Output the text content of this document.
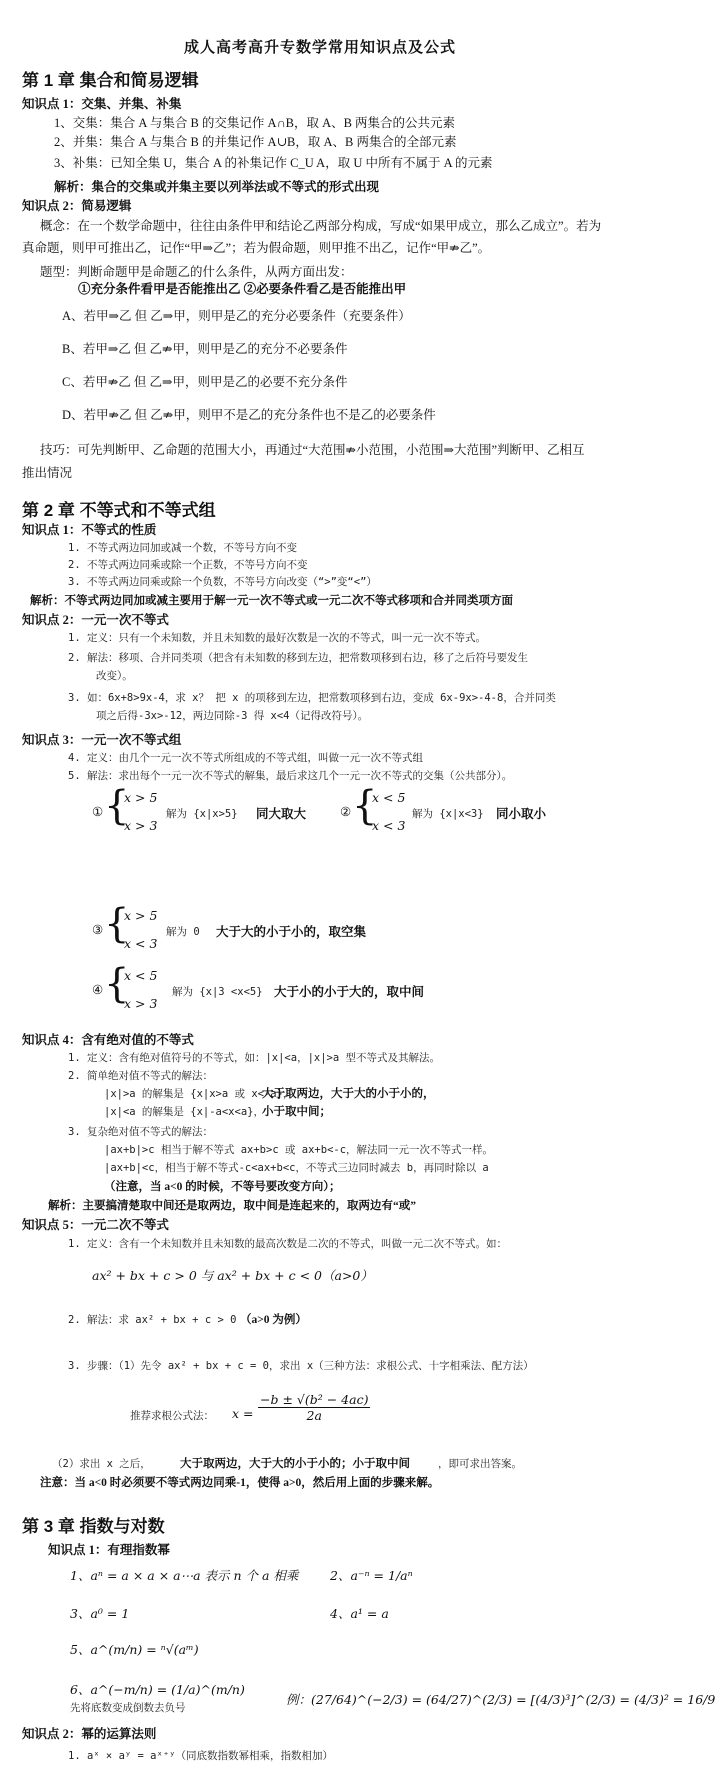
成人高考高升专数学常用知识点及公式
第 1 章 集合和简易逻辑
知识点 1：交集、并集、补集
1、交集：集合 A 与集合 B 的交集记作 A∩B，取 A、B 两集合的公共元素
2、并集：集合 A 与集合 B 的并集记作 A∪B，取 A、B 两集合的全部元素
3、补集：已知全集 U，集合 A 的补集记作 C_U A，取 U 中所有不属于 A 的元素
解析：集合的交集或并集主要以列举法或不等式的形式出现
知识点 2：简易逻辑
概念：在一个数学命题中，往往由条件甲和结论乙两部分构成，写成“如果甲成立，那么乙成立”。若为
真命题，则甲可推出乙，记作“甲⇒乙”；若为假命题，则甲推不出乙，记作“甲⇏乙”。
题型：判断命题甲是命题乙的什么条件，从两方面出发：
①充分条件看甲是否能推出乙 ②必要条件看乙是否能推出甲
A、若甲⇒乙 但 乙⇒甲，则甲是乙的充分必要条件（充要条件）
B、若甲⇒乙 但 乙⇏甲，则甲是乙的充分不必要条件
C、若甲⇏乙 但 乙⇒甲，则甲是乙的必要不充分条件
D、若甲⇏乙 但 乙⇏甲，则甲不是乙的充分条件也不是乙的必要条件
技巧：可先判断甲、乙命题的范围大小，再通过“大范围⇏小范围，小范围⇒大范围”判断甲、乙相互
推出情况
第 2 章 不等式和不等式组
知识点 1：不等式的性质
1. 不等式两边同加或减一个数，不等号方向不变
2. 不等式两边同乘或除一个正数，不等号方向不变
3. 不等式两边同乘或除一个负数，不等号方向改变（“>”变“<”）
解析：不等式两边同加或减主要用于解一元一次不等式或一元二次不等式移项和合并同类项方面
知识点 2：一元一次不等式
1. 定义：只有一个未知数，并且未知数的最好次数是一次的不等式，叫一元一次不等式。
2. 解法：移项、合并同类项（把含有未知数的移到左边，把常数项移到右边，移了之后符号要发生
改变）。
3. 如：6x+8>9x-4，求 x？ 把 x 的项移到左边，把常数项移到右边，变成 6x-9x>-4-8，合并同类
项之后得-3x>-12，两边同除-3 得 x<4（记得改符号）。
知识点 3：一元一次不等式组
4. 定义：由几个一元一次不等式所组成的不等式组，叫做一元一次不等式组
5. 解法：求出每个一元一次不等式的解集，最后求这几个一元一次不等式的交集（公共部分）。
① {
x > 5
x > 3
解为 {x|x>5} 同大取大	② {
x < 5
x < 3
解为 {x|x<3} 同小取小
③ {
x > 5
x < 3
解为 0 大于大的小于小的，取空集
④ {
x < 5
x > 3
解为 {x|3 <x<5} 大于小的小于大的，取中间
知识点 4：含有绝对值的不等式
1. 定义：含有绝对值符号的不等式，如：|x|<a，|x|>a 型不等式及其解法。
2. 简单绝对值不等式的解法：
|x|>a 的解集是 {x|x>a 或 x<-a}，
大于取两边，大于大的小于小的，
|x|<a 的解集是 {x|-a<x<a}，
小于取中间；
3. 复杂绝对值不等式的解法：
|ax+b|>c 相当于解不等式 ax+b>c 或 ax+b<-c，解法同一元一次不等式一样。
|ax+b|<c，相当于解不等式-c<ax+b<c，不等式三边同时减去 b，再同时除以 a
（注意，当 a<0 的时候，不等号要改变方向）；
解析：主要搞清楚取中间还是取两边，取中间是连起来的，取两边有“或”
知识点 5：一元二次不等式
1. 定义：含有一个未知数并且未知数的最高次数是二次的不等式，叫做一元二次不等式。如：
ax² + bx + c > 0 与 ax² + bx + c < 0（a>0）
2. 解法：求 ax² + bx + c > 0 （a>0 为例）
3. 步骤：（1）先令 ax² + bx + c = 0，求出 x（三种方法：求根公式、十字相乘法、配方法）
推荐求根公式法： $x = \frac{\text{−b ± √(b² − 4ac)}}{2a}$
（2）求出 x 之后，	大于取两边，大于大的小于小的；小于取中间	，即可求出答案。
注意：当 a<0 时必须要不等式两边同乘-1，使得 a>0，然后用上面的步骤来解。
第 3 章 指数与对数
知识点 1：有理指数幂
1、aⁿ = a × a × a⋯a 表示 n 个 a 相乘	2、a⁻ⁿ = 1/aⁿ
3、a⁰ = 1	4、a¹ = a
5、a^(m/n) = ⁿ√(aᵐ)
6、a^(−m/n) = (1/a)^(m/n)
先将底数变成倒数去负号
例：(27/64)^(−2/3) = (64/27)^(2/3) = [(4/3)³]^(2/3) = (4/3)² = 16/9
知识点 2：幂的运算法则
1. aˣ × aʸ = aˣ⁺ʸ（同底数指数幂相乘，指数相加）
